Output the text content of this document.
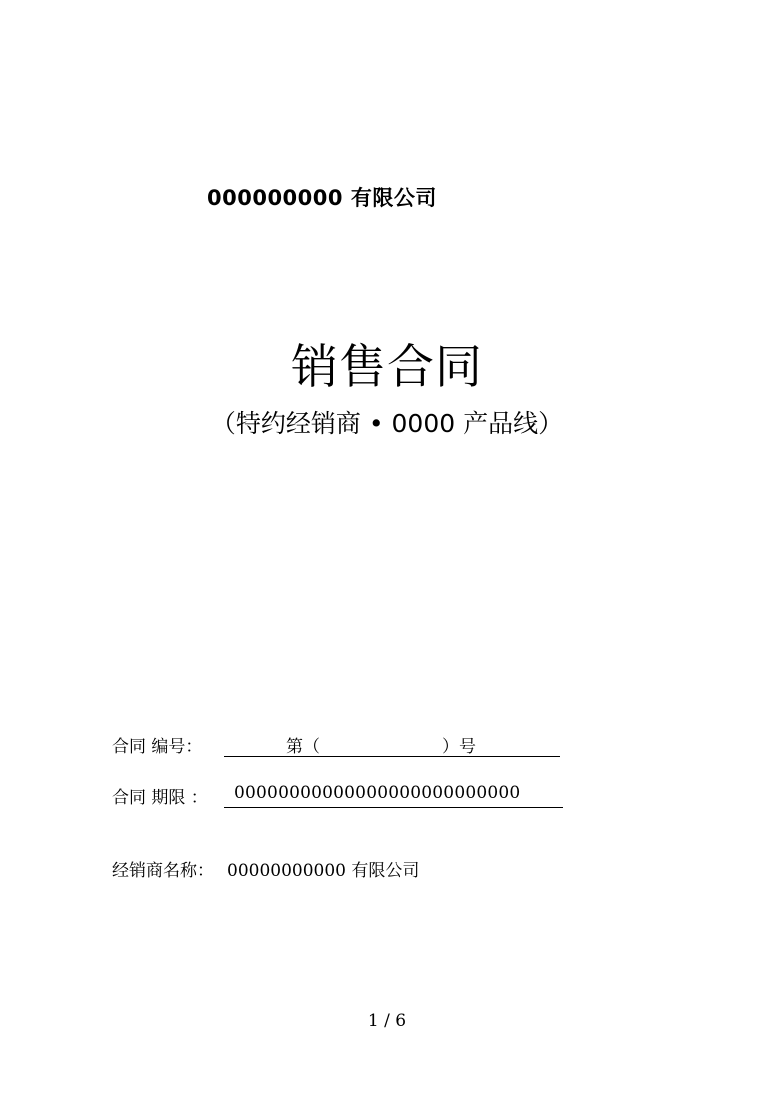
000000000 有限公司
销售合同
（特约经销商 • 0000 产品线）
合同 编号：	第（	）号
合同 期限 ： 00000000000000000000000000
经销商名称： 00000000000 有限公司
1 / 6
